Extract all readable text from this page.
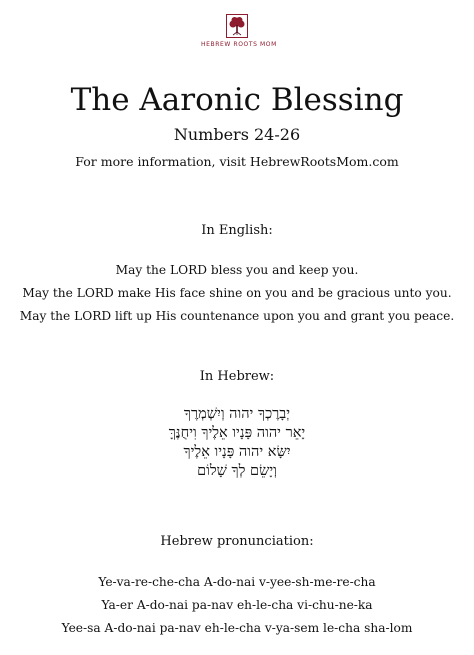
HEBREW ROOTS MOM
The Aaronic Blessing
Numbers 24-26
For more information, visit HebrewRootsMom.com
In English:
May the LORD bless you and keep you.
May the LORD make His face shine on you and be gracious unto you.
May the LORD lift up His countenance upon you and grant you peace.
In Hebrew:
יְבָרֶכְךָ יהוה וְיִשְׁמְרֶךָ
יָאֵר יהוה פָּנָיו אֵלֶיךָ וִיחֻנֶּךָּ
יִשָּׂא יהוה פָּנָיו אֵלֶיךָ
וְיָשֵׂם לְךָ שָׁלוֹם
Hebrew pronunciation:
Ye-va-re-che-cha A-do-nai v-yee-sh-me-re-cha
Ya-er A-do-nai pa-nav eh-le-cha vi-chu-ne-ka
Yee-sa A-do-nai pa-nav eh-le-cha v-ya-sem le-cha sha-lom
